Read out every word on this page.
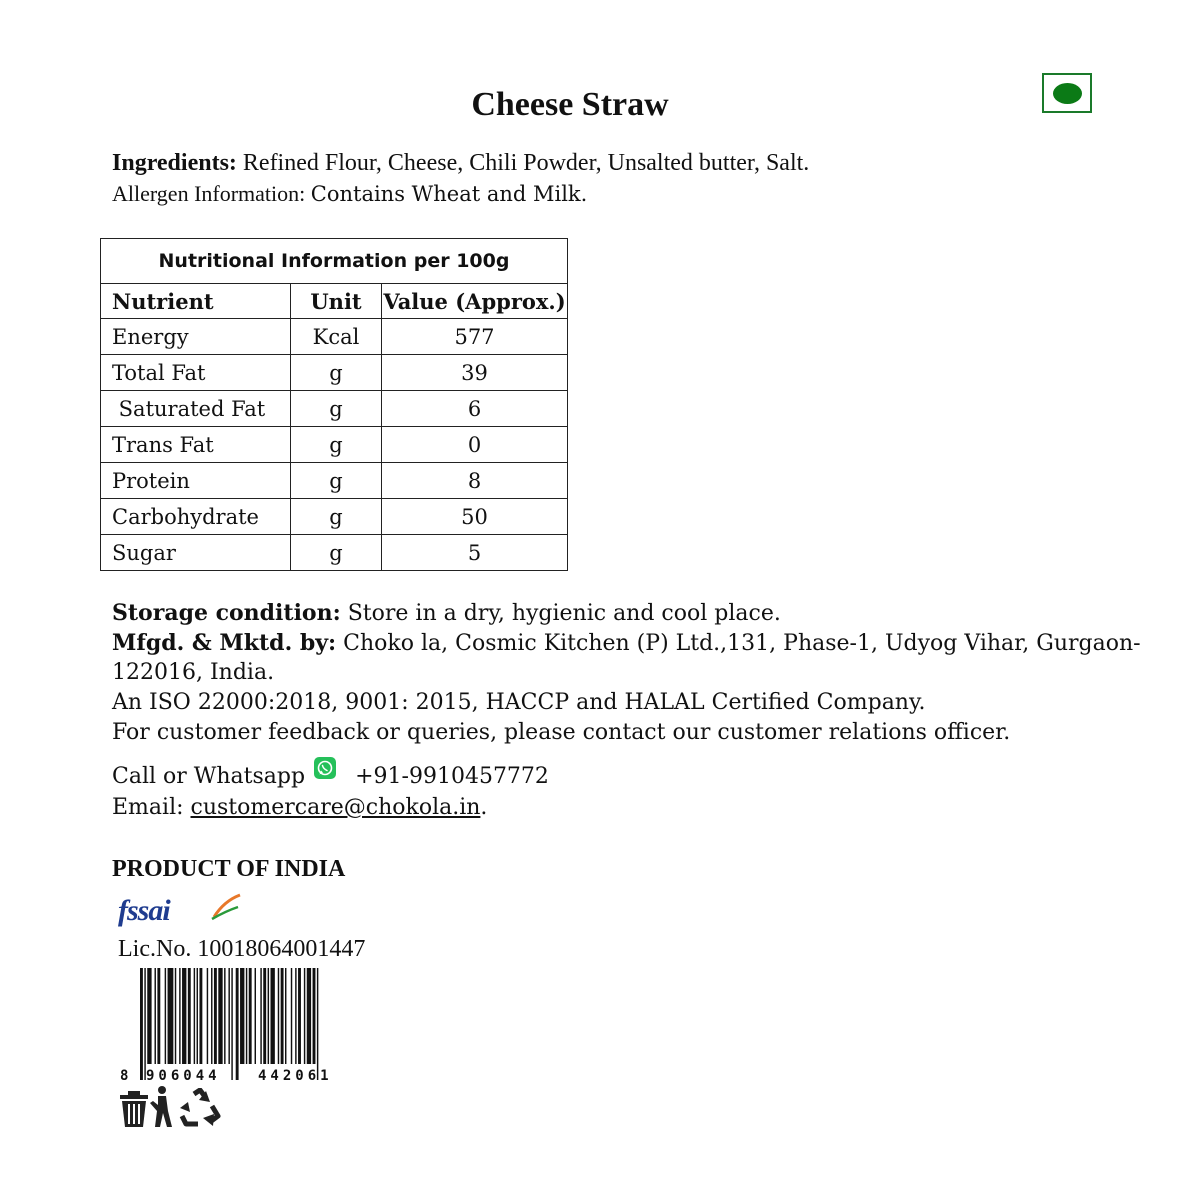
Cheese Straw
Ingredients: Refined Flour, Cheese, Chili Powder, Unsalted butter, Salt.
Allergen Information: Contains Wheat and Milk.
Nutritional Information per 100g		
Nutrient	Unit	Value (Approx.)
Energy	Kcal	577
Total Fat	g	39
Saturated Fat	g	6
Trans Fat	g	0
Protein	g	8
Carbohydrate	g	50
Sugar	g	5
Storage condition: Store in a dry, hygienic and cool place.
Mfgd. & Mktd. by: Choko la, Cosmic Kitchen (P) Ltd.,131, Phase-1, Udyog Vihar, Gurgaon-
122016, India.
An ISO 22000:2018, 9001: 2015, HACCP and HALAL Certified Company.
For customer feedback or queries, please contact our customer relations officer.
Call or Whatsapp +91-9910457772
Email: customercare@chokola.in.
PRODUCT OF INDIA
fssai
Lic.No. 10018064001447
8 906044	442061
